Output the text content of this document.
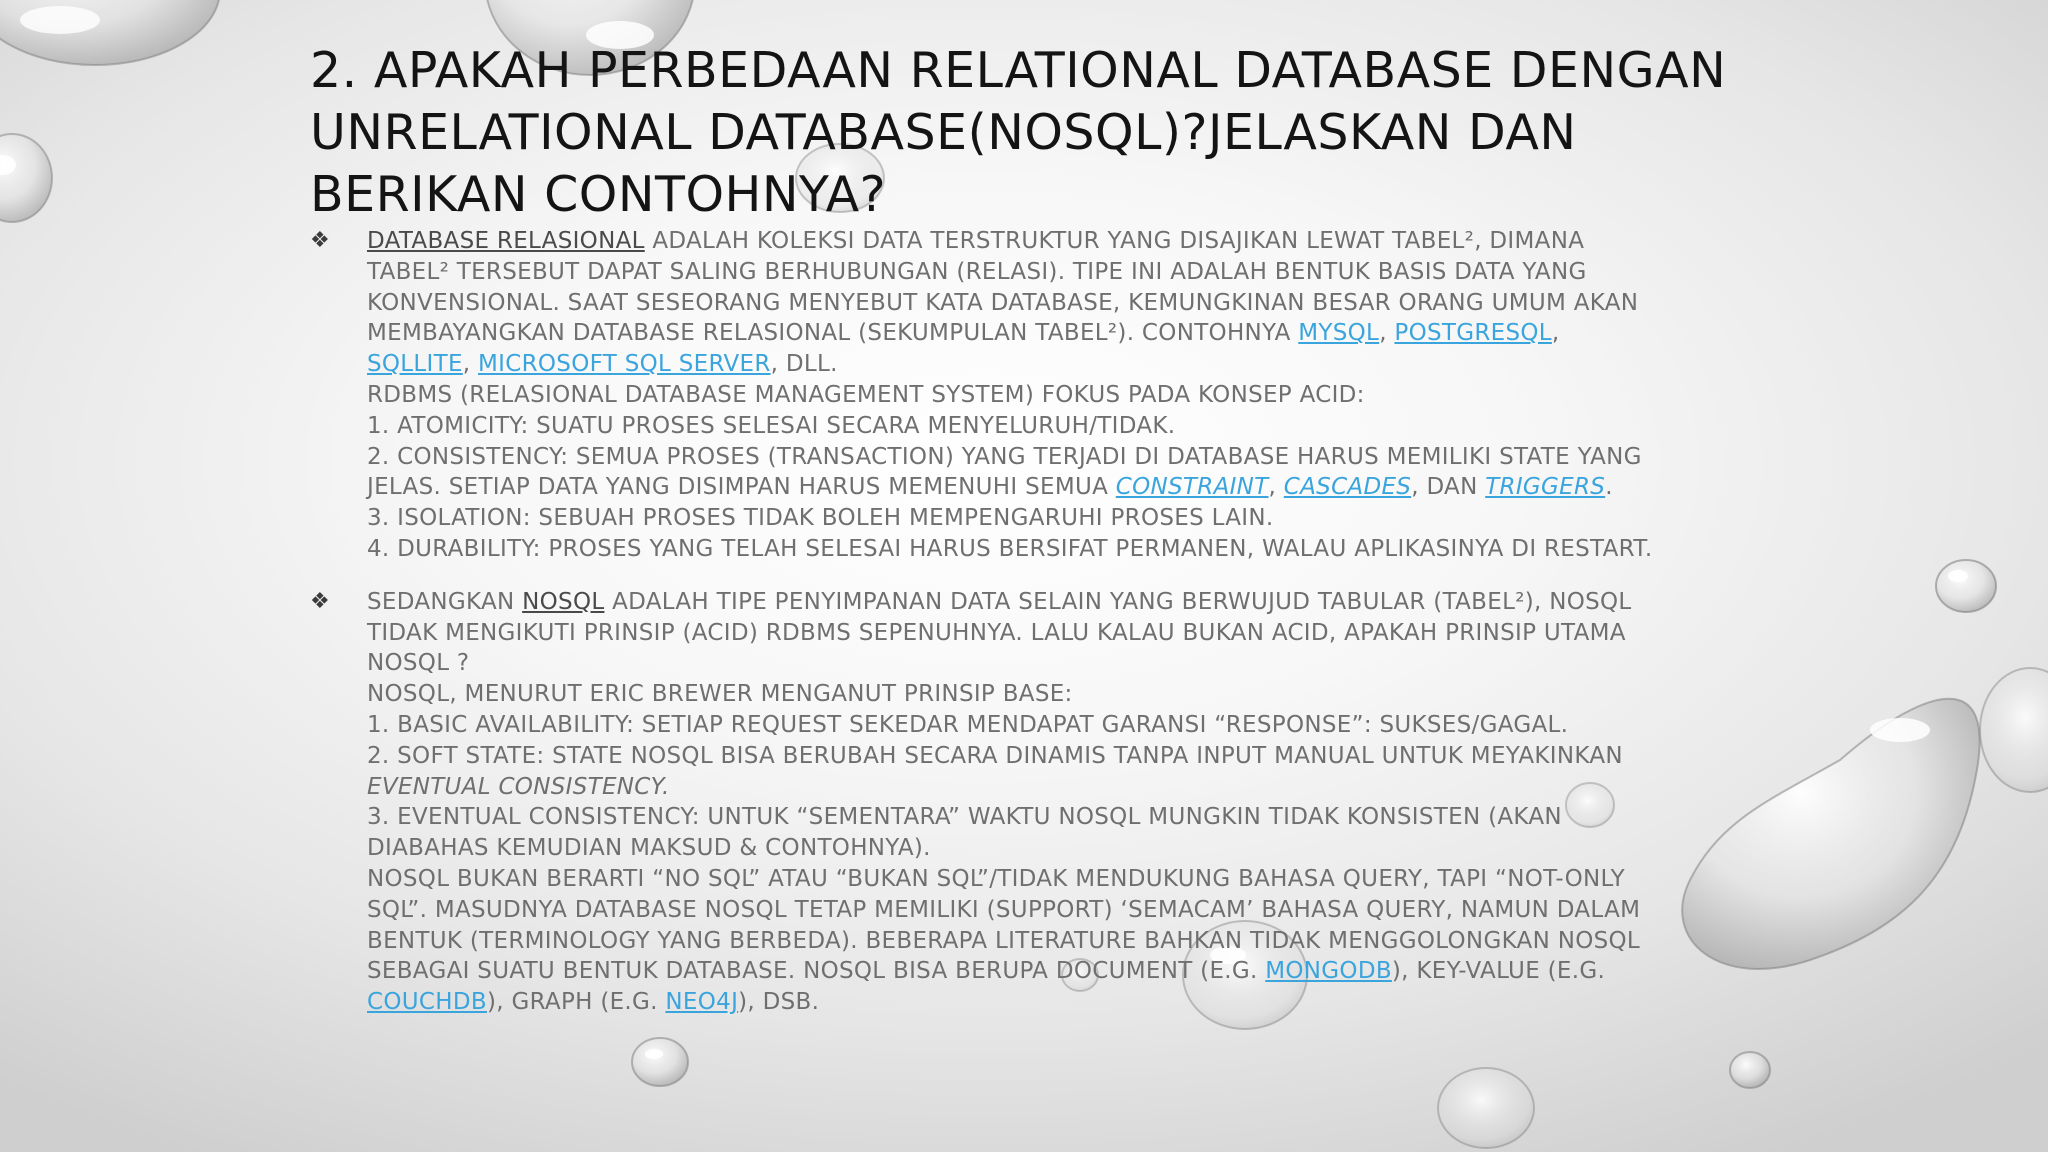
2. APAKAH PERBEDAAN RELATIONAL DATABASE DENGAN
UNRELATIONAL DATABASE(NOSQL)?JELASKAN DAN
BERIKAN CONTOHNYA?
❖ DATABASE RELASIONAL ADALAH KOLEKSI DATA TERSTRUKTUR YANG DISAJIKAN LEWAT TABEL², DIMANA
TABEL² TERSEBUT DAPAT SALING BERHUBUNGAN (RELASI). TIPE INI ADALAH BENTUK BASIS DATA YANG
KONVENSIONAL. SAAT SESEORANG MENYEBUT KATA DATABASE, KEMUNGKINAN BESAR ORANG UMUM AKAN
MEMBAYANGKAN DATABASE RELASIONAL (SEKUMPULAN TABEL²). CONTOHNYA MYSQL, POSTGRESQL,
SQLLITE, MICROSOFT SQL SERVER, DLL.
RDBMS (RELASIONAL DATABASE MANAGEMENT SYSTEM) FOKUS PADA KONSEP ACID:
1. ATOMICITY: SUATU PROSES SELESAI SECARA MENYELURUH/TIDAK.
2. CONSISTENCY: SEMUA PROSES (TRANSACTION) YANG TERJADI DI DATABASE HARUS MEMILIKI STATE YANG
JELAS. SETIAP DATA YANG DISIMPAN HARUS MEMENUHI SEMUA CONSTRAINT, CASCADES, DAN TRIGGERS.
3. ISOLATION: SEBUAH PROSES TIDAK BOLEH MEMPENGARUHI PROSES LAIN.
4. DURABILITY: PROSES YANG TELAH SELESAI HARUS BERSIFAT PERMANEN, WALAU APLIKASINYA DI RESTART.
❖ SEDANGKAN NOSQL ADALAH TIPE PENYIMPANAN DATA SELAIN YANG BERWUJUD TABULAR (TABEL²), NOSQL
TIDAK MENGIKUTI PRINSIP (ACID) RDBMS SEPENUHNYA. LALU KALAU BUKAN ACID, APAKAH PRINSIP UTAMA
NOSQL ?
NOSQL, MENURUT ERIC BREWER MENGANUT PRINSIP BASE:
1. BASIC AVAILABILITY: SETIAP REQUEST SEKEDAR MENDAPAT GARANSI “RESPONSE”: SUKSES/GAGAL.
2. SOFT STATE: STATE NOSQL BISA BERUBAH SECARA DINAMIS TANPA INPUT MANUAL UNTUK MEYAKINKAN
EVENTUAL CONSISTENCY.
3. EVENTUAL CONSISTENCY: UNTUK “SEMENTARA” WAKTU NOSQL MUNGKIN TIDAK KONSISTEN (AKAN
DIABAHAS KEMUDIAN MAKSUD & CONTOHNYA).
NOSQL BUKAN BERARTI “NO SQL” ATAU “BUKAN SQL”/TIDAK MENDUKUNG BAHASA QUERY, TAPI “NOT-ONLY
SQL”. MASUDNYA DATABASE NOSQL TETAP MEMILIKI (SUPPORT) ‘SEMACAM’ BAHASA QUERY, NAMUN DALAM
BENTUK (TERMINOLOGY YANG BERBEDA). BEBERAPA LITERATURE BAHKAN TIDAK MENGGOLONGKAN NOSQL
SEBAGAI SUATU BENTUK DATABASE. NOSQL BISA BERUPA DOCUMENT (E.G. MONGODB), KEY-VALUE (E.G.
COUCHDB), GRAPH (E.G. NEO4J), DSB.
